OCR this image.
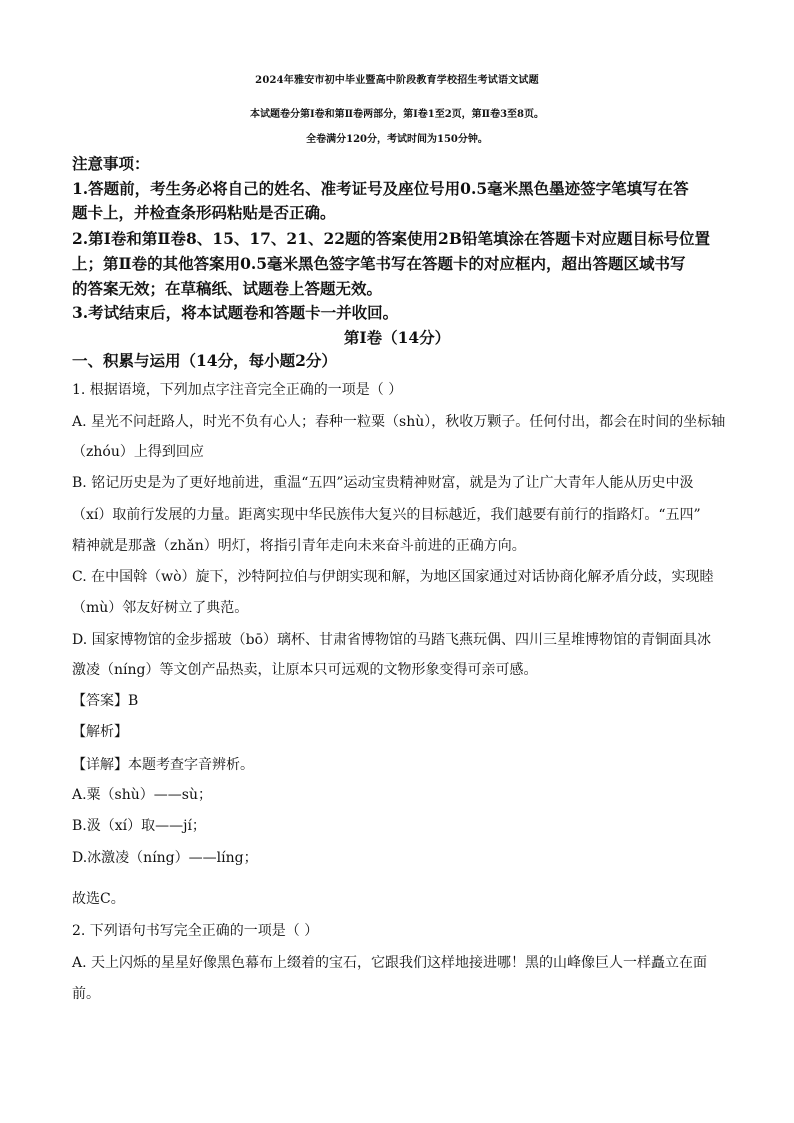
2024年雅安市初中毕业暨高中阶段教育学校招生考试语文试题
本试题卷分第Ⅰ卷和第Ⅱ卷两部分，第Ⅰ卷1至2页，第Ⅱ卷3至8页。
全卷满分120分，考试时间为150分钟。
注意事项：
1.答题前，考生务必将自己的姓名、准考证号及座位号用0.5毫米黑色墨迹签字笔填写在答
题卡上，并检查条形码粘贴是否正确。
2.第Ⅰ卷和第Ⅱ卷8、15、17、21、22题的答案使用2B铅笔填涂在答题卡对应题目标号位置
上；第Ⅱ卷的其他答案用0.5毫米黑色签字笔书写在答题卡的对应框内，超出答题区域书写
的答案无效；在草稿纸、试题卷上答题无效。
3.考试结束后，将本试题卷和答题卡一并收回。
第Ⅰ卷（14分）
一、积累与运用（14分，每小题2分）
1. 根据语境，下列加点字注音完全正确的一项是（ ）
A. 星光不问赶路人，时光不负有心人；春种一粒粟（shù），秋收万颗子。任何付出，都会在时间的坐标轴
（zhóu）上得到回应
B. 铭记历史是为了更好地前进，重温“五四”运动宝贵精神财富，就是为了让广大青年人能从历史中汲
（xí）取前行发展的力量。距离实现中华民族伟大复兴的目标越近，我们越要有前行的指路灯。“五四”
精神就是那盏（zhǎn）明灯，将指引青年走向未来奋斗前进的正确方向。
C. 在中国斡（wò）旋下，沙特阿拉伯与伊朗实现和解，为地区国家通过对话协商化解矛盾分歧，实现睦
（mù）邻友好树立了典范。
D. 国家博物馆的金步摇玻（bō）璃杯、甘肃省博物馆的马踏飞燕玩偶、四川三星堆博物馆的青铜面具冰
激凌（níng）等文创产品热卖，让原本只可远观的文物形象变得可亲可感。
【答案】B
【解析】
【详解】本题考查字音辨析。
A.粟（shù）——sù；
B.汲（xí）取——jí；
D.冰激凌（níng）——líng；
故选C。
2. 下列语句书写完全正确的一项是（ ）
A. 天上闪烁的星星好像黑色幕布上缀着的宝石，它跟我们这样地接进哪！黑的山峰像巨人一样矗立在面
前。
